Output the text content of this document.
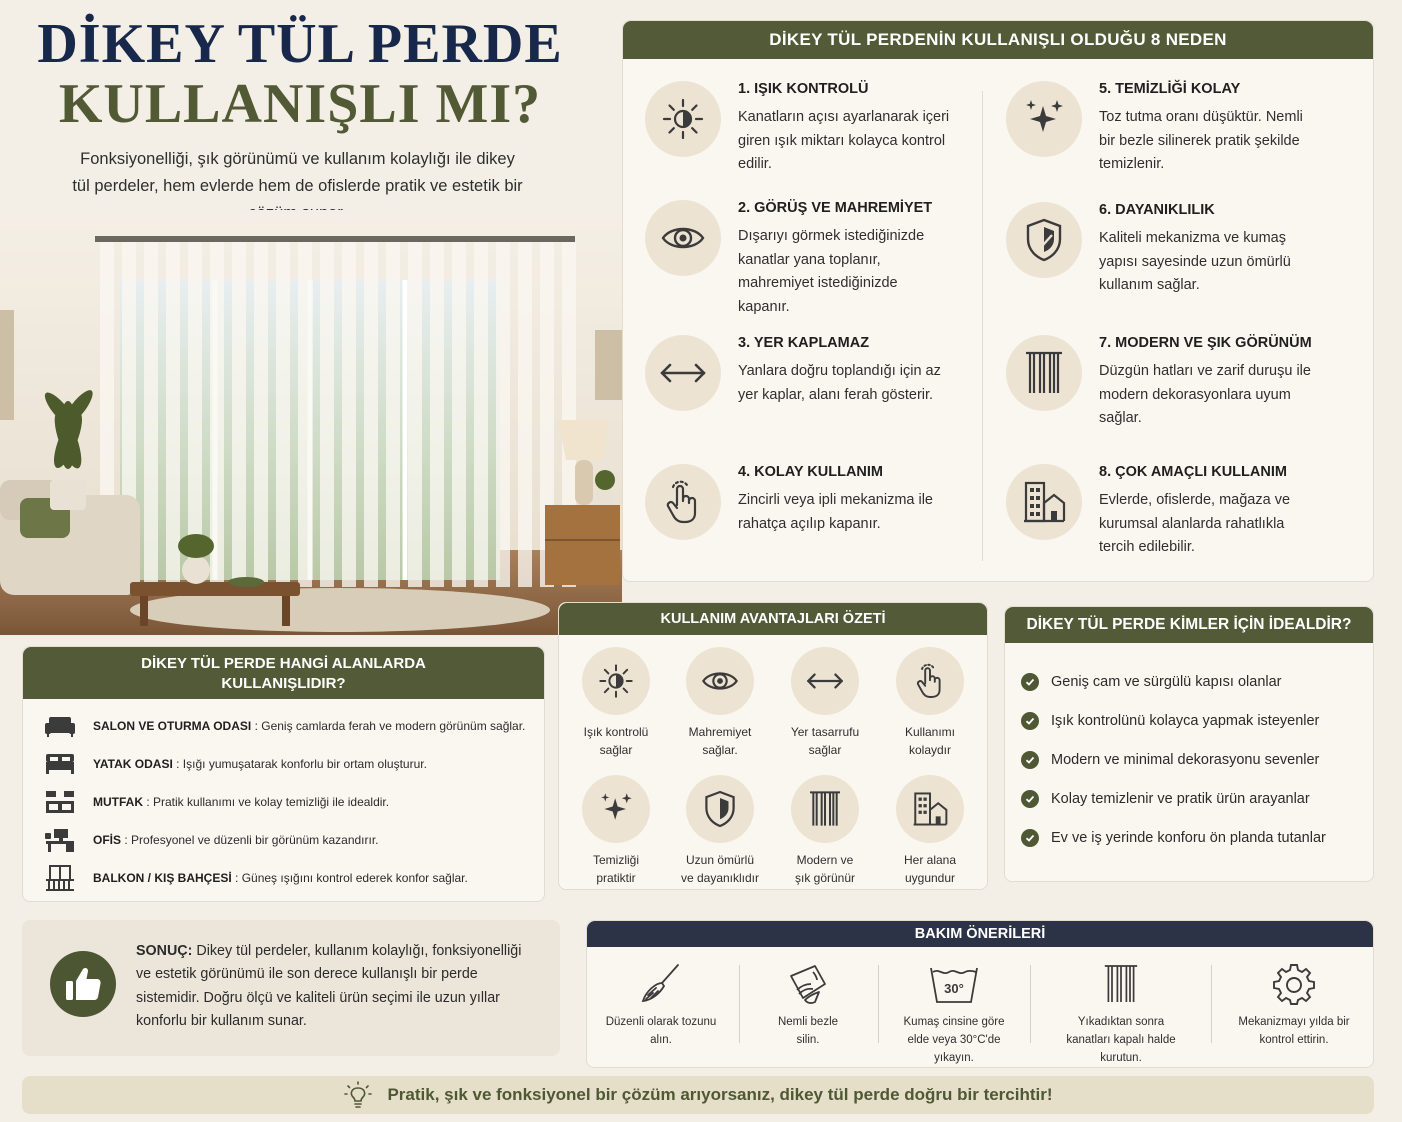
DİKEY TÜL PERDE
KULLANIŞLI MI?
Fonksiyonelliği, şık görünümü ve kullanım kolaylığı ile dikey tül perdeler, hem evlerde hem de ofislerde pratik ve estetik bir
DİKEY TÜL PERDENİN KULLANIŞLI OLDUĞU 8 NEDEN
1. IŞIK KONTROLÜ
Kanatların açısı ayarlanarak içeri giren ışık miktarı kolayca kontrol edilir.
2. GÖRÜŞ VE MAHREMİYET
Dışarıyı görmek istediğinizde kanatlar yana toplanır, mahremiyet istediğinizde kapanır.
3. YER KAPLAMAZ
Yanlara doğru toplandığı için az yer kaplar, alanı ferah gösterir.
4. KOLAY KULLANIM
Zincirli veya ipli mekanizma ile rahatça açılıp kapanır.
5. TEMİZLİĞİ KOLAY
Toz tutma oranı düşüktür. Nemli bir bezle silinerek pratik şekilde temizlenir.
6. DAYANIKLILIK
Kaliteli mekanizma ve kumaş yapısı sayesinde uzun ömürlü kullanım sağlar.
7. MODERN VE ŞIK GÖRÜNÜM
Düzgün hatları ve zarif duruşu ile modern dekorasyonlara uyum sağlar.
8. ÇOK AMAÇLI KULLANIM
Evlerde, ofislerde, mağaza ve kurumsal alanlarda rahatlıkla tercih edilebilir.
DİKEY TÜL PERDE HANGİ ALANLARDA
KULLANIŞLIDIR?
SALON VE OTURMA ODASI
: Geniş camlarda ferah ve modern görünüm sağlar.
YATAK ODASI
: Işığı yumuşatarak konforlu bir ortam oluşturur.
MUTFAK
: Pratik kullanımı ve kolay temizliği ile idealdir.
OFİS
: Profesyonel ve düzenli bir görünüm kazandırır.
BALKON / KIŞ BAHÇESİ
: Güneş ışığını kontrol ederek konfor sağlar.
KULLANIM AVANTAJLARI ÖZETİ
Işık kontrolü
sağlar
Mahremiyet
sağlar.
Yer tasarrufu
sağlar
Kullanımı
kolaydır
Temizliği
pratiktir
Uzun ömürlü
ve dayanıklıdır
Modern ve
şık görünür
Her alana
uygundur
DİKEY TÜL PERDE KİMLER İÇİN İDEALDİR?
Geniş cam ve sürgülü kapısı olanlar
Işık kontrolünü kolayca yapmak isteyenler
Modern ve minimal dekorasyonu sevenler
Kolay temizlenir ve pratik ürün arayanlar
Ev ve iş yerinde konforu ön planda tutanlar
SONUÇ: Dikey tül perdeler, kullanım kolaylığı, fonksiyonelliği ve estetik görünümü ile son derece kullanışlı bir perde sistemidir. Doğru ölçü ve kaliteli ürün seçimi ile uzun yıllar konforlu bir kullanım sunar.
BAKIM ÖNERİLERİ
Düzenli olarak tozunu
alın.
Nemli bezle
silin.
30°
Kumaş cinsine göre
elde veya 30°C'de
yıkayın.
Yıkadıktan sonra
kanatları kapalı halde
kurutun.
Mekanizmayı yılda bir
kontrol ettirin.
Pratik, şık ve fonksiyonel bir çözüm arıyorsanız, dikey tül perde doğru bir tercihtir!
